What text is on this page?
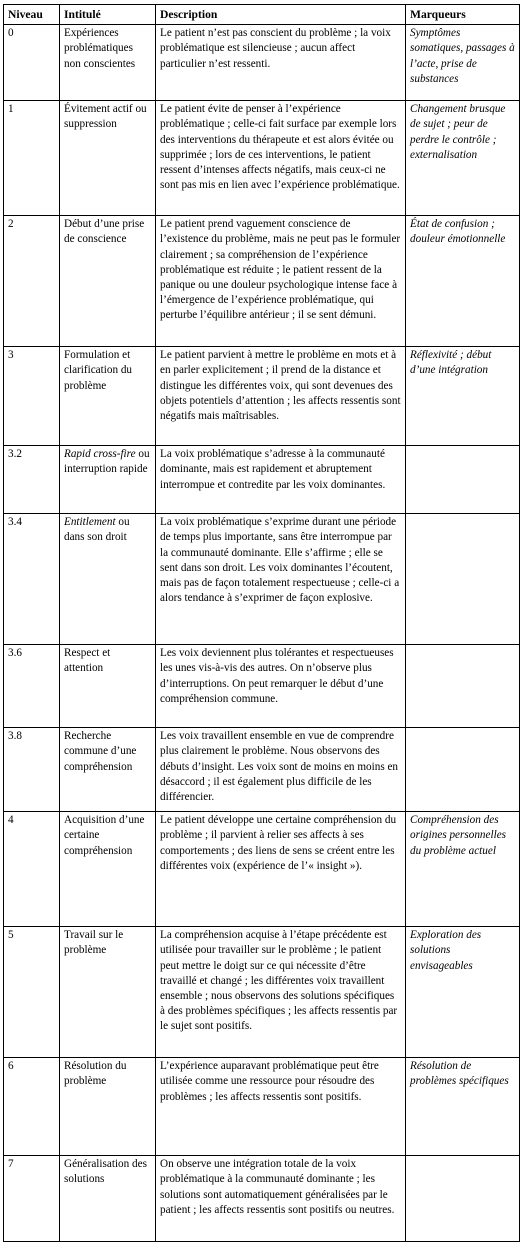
Niveau	Intitulé	Description	Marqueurs
0	Expériences problématiques non conscientes	Le patient n’est pas conscient du problème ; la voix problématique est silencieuse ; aucun affect particulier n’est ressenti.	Symptômes somatiques, passages à l’acte, prise de substances
1	Évitement actif ou suppression	Le patient évite de penser à l’expérience problématique ; celle-ci fait surface par exemple lors des interventions du thérapeute et est alors évitée ou supprimée ; lors de ces interventions, le patient ressent d’intenses affects négatifs, mais ceux-ci ne sont pas mis en lien avec l’expérience problématique.	Changement brusque de sujet ; peur de perdre le contrôle ; externalisation
2	Début d’une prise de conscience	Le patient prend vaguement conscience de l’existence du problème, mais ne peut pas le formuler clairement ; sa compréhension de l’expérience problématique est réduite ; le patient ressent de la panique ou une douleur psychologique intense face à l’émergence de l’expérience problématique, qui perturbe l’équilibre antérieur ; il se sent démuni.	État de confusion ; douleur émotionnelle
3	Formulation et clarification du problème	Le patient parvient à mettre le problème en mots et à en parler explicitement ; il prend de la distance et distingue les différentes voix, qui sont devenues des objets potentiels d’attention ; les affects ressentis sont négatifs mais maîtrisables.	Réflexivité ; début d’une intégration
3.2	Rapid cross-fire ou interruption rapide	La voix problématique s’adresse à la communauté dominante, mais est rapidement et abruptement interrompue et contredite par les voix dominantes.	
3.4	Entitlement ou dans son droit	La voix problématique s’exprime durant une période de temps plus importante, sans être interrompue par la communauté dominante. Elle s’affirme ; elle se sent dans son droit. Les voix dominantes l’écoutent, mais pas de façon totalement respectueuse ; celle-ci a alors tendance à s’exprimer de façon explosive.	
3.6	Respect et attention	Les voix deviennent plus tolérantes et respectueuses les unes vis-à-vis des autres. On n’observe plus d’interruptions. On peut remarquer le début d’une compréhension commune.	
3.8	Recherche commune d’une compréhension	Les voix travaillent ensemble en vue de comprendre plus clairement le problème. Nous observons des débuts d’insight. Les voix sont de moins en moins en désaccord ; il est également plus difficile de les différencier.	
4	Acquisition d’une certaine compréhension	Le patient développe une certaine compréhension du problème ; il parvient à relier ses affects à ses comportements ; des liens de sens se créent entre les différentes voix (expérience de l’« insight »).	Compréhension des origines personnelles du problème actuel
5	Travail sur le problème	La compréhension acquise à l’étape précédente est utilisée pour travailler sur le problème ; le patient peut mettre le doigt sur ce qui nécessite d’être travaillé et changé ; les différentes voix travaillent ensemble ; nous observons des solutions spécifiques à des problèmes spécifiques ; les affects ressentis par le sujet sont positifs.	Exploration des solutions envisageables
6	Résolution du problème	L’expérience auparavant problématique peut être utilisée comme une ressource pour résoudre des problèmes ; les affects ressentis sont positifs.	Résolution de problèmes spécifiques
7	Généralisation des solutions	On observe une intégration totale de la voix problématique à la communauté dominante ; les solutions sont automatiquement généralisées par le patient ; les affects ressentis sont positifs ou neutres.	
